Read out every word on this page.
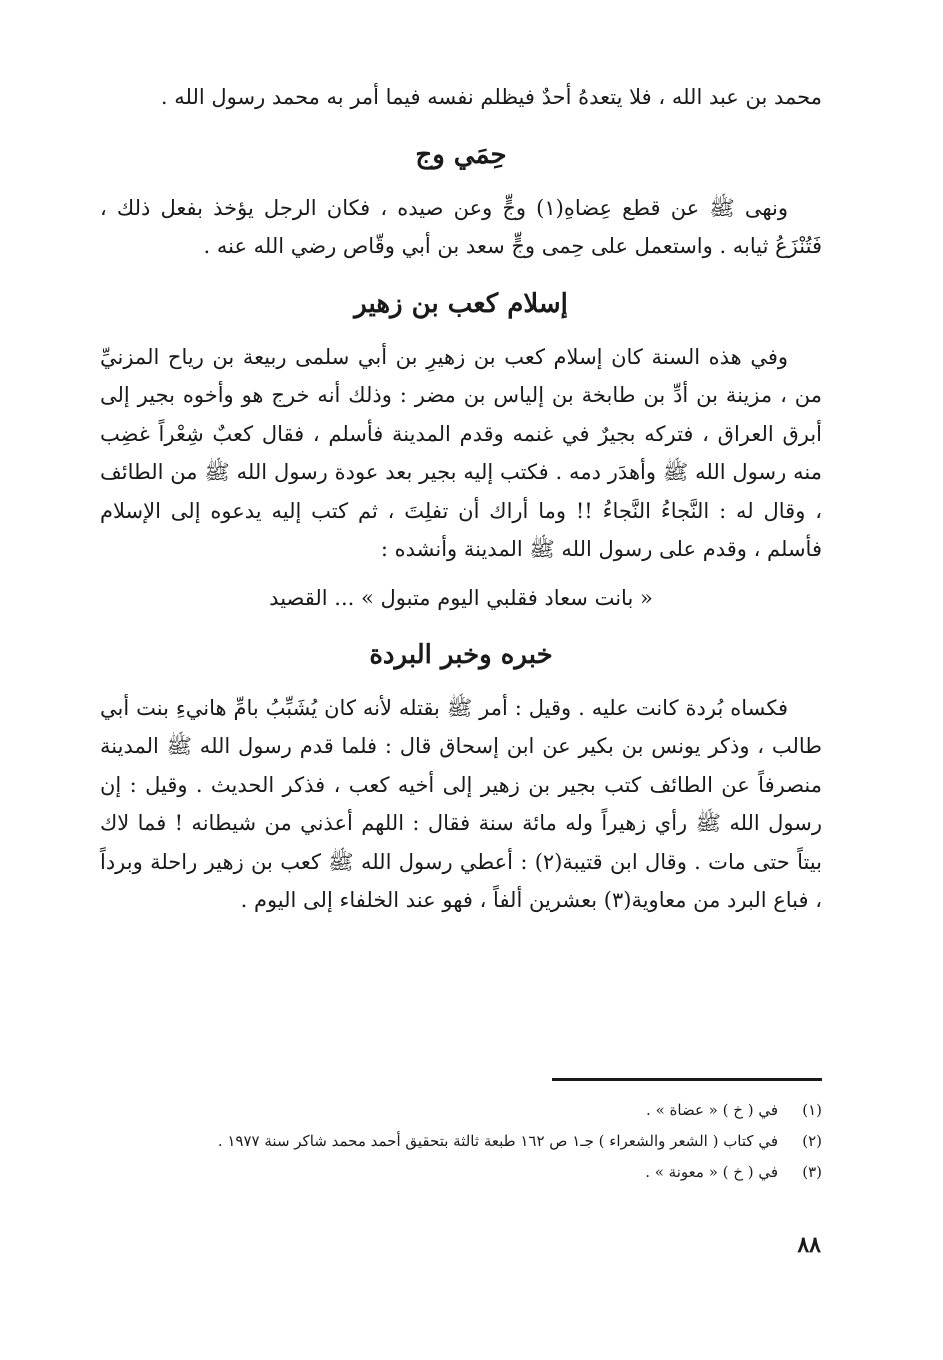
محمد بن عبد الله ، فلا يتعدهُ أحدٌ فيظلم نفسه فيما أمر به محمد رسول الله .

حِمَي وج

ونهى ﷺ عن قطع عِضاهِ(١) وجٍّ وعن صيده ، فكان الرجل يؤخذ بفعل ذلك ، فَتُنْزَعُ ثيابه . واستعمل على حِمى وجٍّ سعد بن أبي وقّاص رضي الله عنه .

إسلام كعب بن زهير

وفي هذه السنة كان إسلام كعب بن زهيرِ بن أبي سلمى ربيعة بن رياح المزنيِّ من ، مزينة بن أدِّ بن طابخة بن إلياس بن مضر : وذلك أنه خرج هو وأخوه بجير إلى أبرق العراق ، فتركه بجيرٌ في غنمه وقدم المدينة فأسلم ، فقال كعبٌ شِعْراً غضِب منه رسول الله ﷺ وأهدَر دمه . فكتب إليه بجير بعد عودة رسول الله ﷺ من الطائف ، وقال له : النَّجاءُ النَّجاءُ !! وما أراك أن تفلِتَ ، ثم كتب إليه يدعوه إلى الإسلام فأسلم ، وقدم على رسول الله ﷺ المدينة وأنشده :

« بانت سعاد فقلبي اليوم متبول » ... القصيد
خبره وخبر البردة

فكساه بُردة كانت عليه . وقيل : أمر ﷺ بقتله لأنه كان يُشَبِّبُ بامِّ هانيءِ بنت أبي طالب ، وذكر يونس بن بكير عن ابن إسحاق قال : فلما قدم رسول الله ﷺ المدينة منصرفاً عن الطائف كتب بجير بن زهير إلى أخيه كعب ، فذكر الحديث . وقيل : إن رسول الله ﷺ رأي زهيراً وله مائة سنة فقال : اللهم أعذني من شيطانه ! فما لاك بيتاً حتى مات . وقال ابن قتيبة(٢) : أعطي رسول الله ﷺ كعب بن زهير راحلة وبرداً ، فباع البرد من معاوية(٣) بعشرين ألفاً ، فهو عند الخلفاء إلى اليوم .

(١)
في ( خ ) « عضاة » .
(٢)
في كتاب ( الشعر والشعراء ) جـ١ ص ١٦٢ طبعة ثالثة بتحقيق أحمد محمد شاكر سنة ١٩٧٧ .
(٣)
في ( خ ) « معونة » .
٨٨
